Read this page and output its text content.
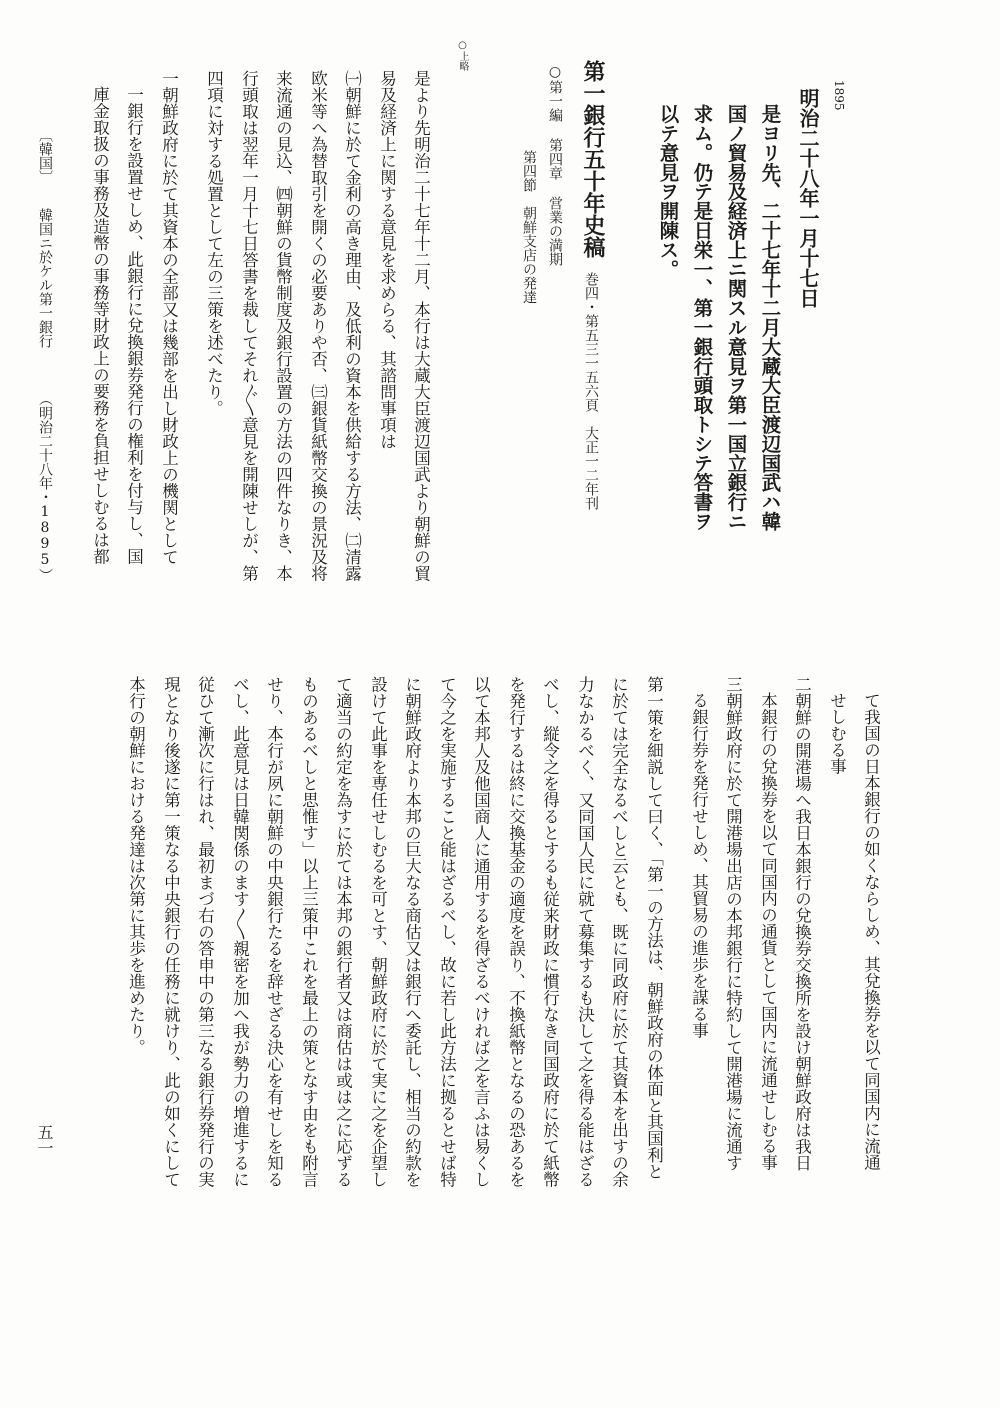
1895
明治二十八年一月十七日
是ヨリ先、二十七年十二月大蔵大臣渡辺国武ハ韓
国ノ貿易及経済上ニ関スル意見ヲ第一国立銀行ニ
求ム。仍テ是日栄一、第一銀行頭取トシテ答書ヲ
以テ意見ヲ開陳ス。
第一銀行五十年史稿
巻四・第五三一五六頁　大正一二年刊
○第一編 第四章 営業の満期
第四節　朝鮮支店の発達
○上略
是より先明治二十七年十二月、本行は大蔵大臣渡辺国武より朝鮮の貿
易及経済上に関する意見を求めらる、其諮問事項は
㈠朝鮮に於て金利の高き理由、及低利の資本を供給する方法、㈡清露
欧米等へ為替取引を開くの必要ありや否、㈢銀貨紙幣交換の景況及将
来流通の見込、㈣朝鮮の貨幣制度及銀行設置の方法の四件なりき、本
行頭取は翌年一月十七日答書を裁してそれ〴〵意見を開陳せしが、第
四項に対する処置として左の三策を述べたり。
一朝鮮政府に於て其資本の全部又は幾部を出し財政上の機関として
一銀行を設置せしめ、此銀行に兌換銀券発行の権利を付与し、国
庫金取扱の事務及造幣の事務等財政上の要務を負担せしむるは都
て我国の日本銀行の如くならしめ、其兌換券を以て同国内に流通
せしむる事
二朝鮮の開港場へ我日本銀行の兌換券交換所を設け朝鮮政府は我日
本銀行の兌換券を以て同国内の通貨として国内に流通せしむる事
三朝鮮政府に於て開港場出店の本邦銀行に特約して開港場に流通す
る銀行券を発行せしめ、其貿易の進歩を謀る事
第一策を細説して曰く、「第一の方法は、朝鮮政府の体面と其国利と
に於ては完全なるべしと云とも、既に同政府に於て其資本を出すの余
力なかるべく、又同国人民に就て募集するも決して之を得る能はざる
べし、縦令之を得るとするも従来財政に慣行なき同国政府に於て紙幣
を発行するは終に交換基金の適度を誤り、不換紙幣となるの恐あるを
以て本邦人及他国商人に通用するを得ざるべければ之を言ふは易くし
て今之を実施すること能はざるべし、故に若し此方法に拠るとせば特
に朝鮮政府より本邦の巨大なる商估又は銀行へ委託し、相当の約款を
設けて此事を専任せしむるを可とす、朝鮮政府に於て実に之を企望し
て適当の約定を為すに於ては本邦の銀行者又は商估は或は之に応ずる
ものあるべしと思惟す」以上三策中これを最上の策となす由をも附言
せり、本行が夙に朝鮮の中央銀行たるを辞せざる決心を有せしを知る
べし、此意見は日韓関係のます〳〵親密を加へ我が勢力の増進するに
従ひて漸次に行はれ、最初まづ右の答申中の第三なる銀行券発行の実
現となり後遂に第一策なる中央銀行の任務に就けり、此の如くにして
本行の朝鮮における発達は次第に其歩を進めたり。
〔韓国〕
韓国ニ於ケル第一銀行
（明治二十八年・1895）
五一
